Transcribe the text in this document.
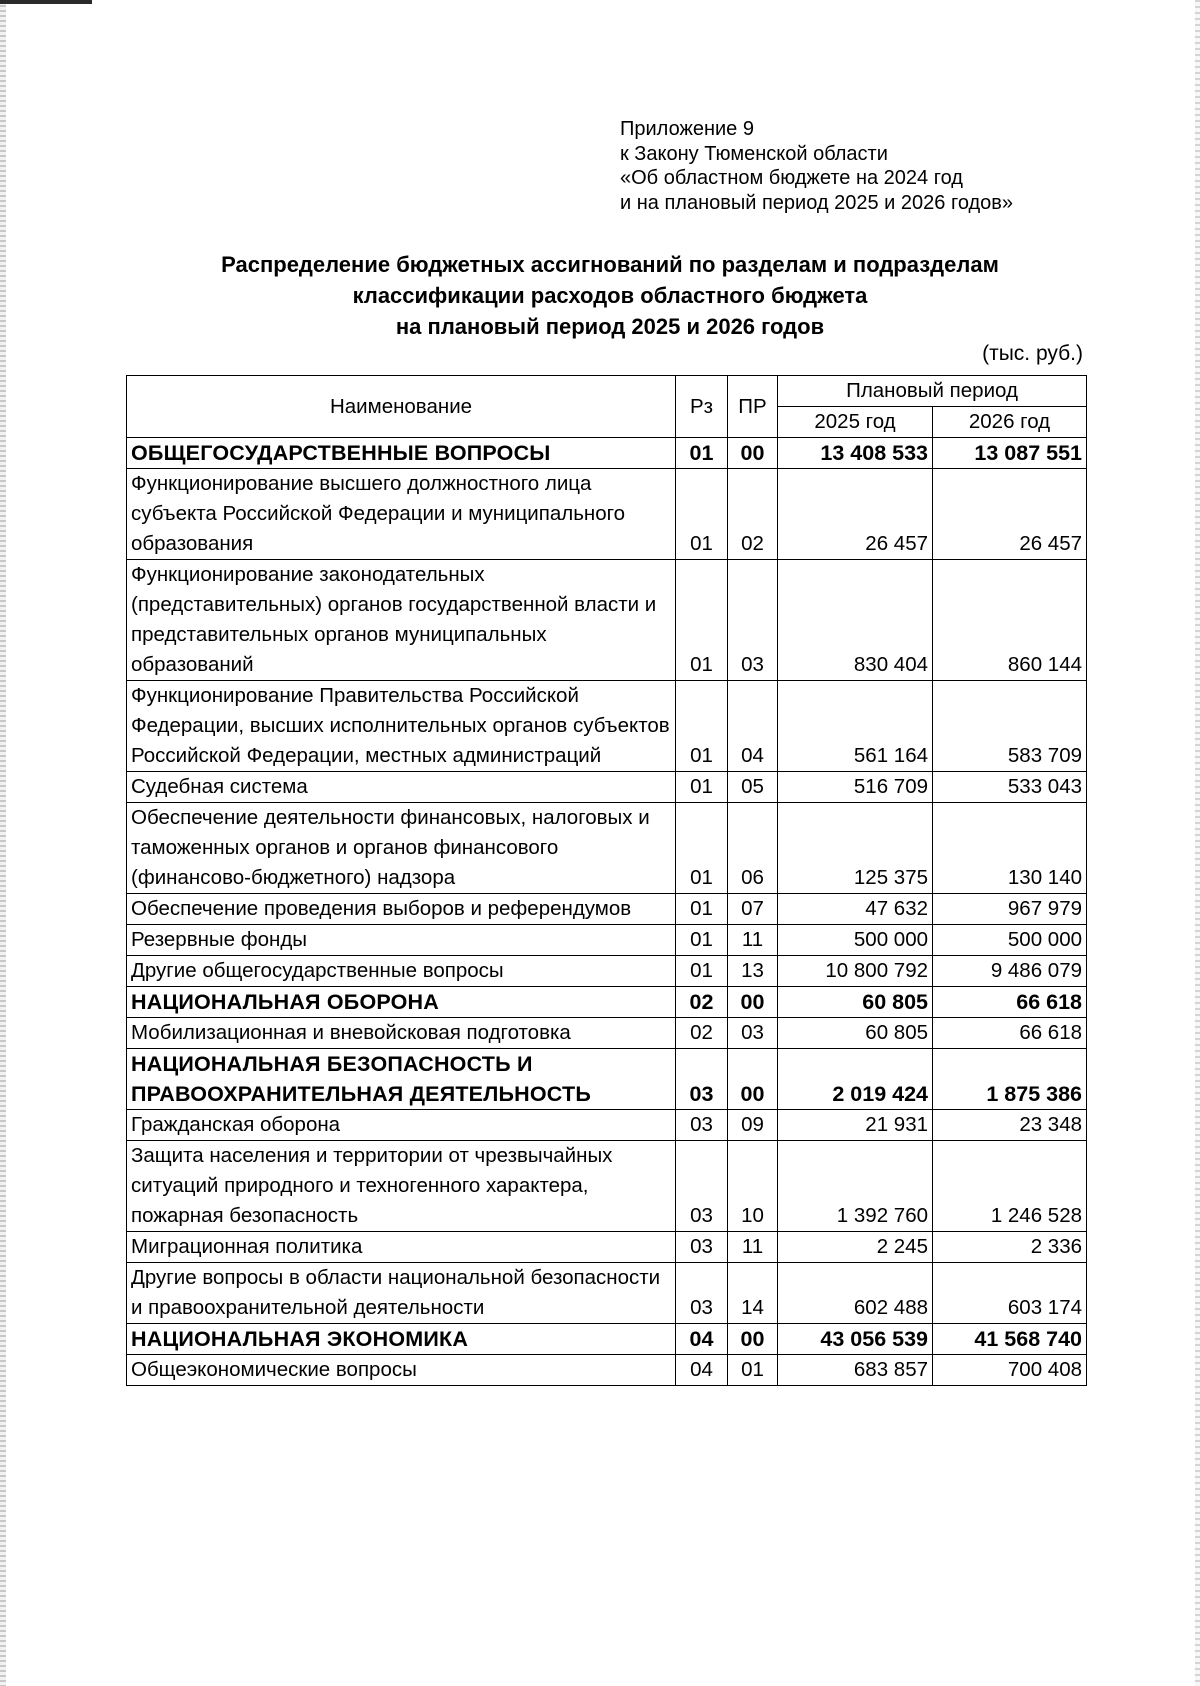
Приложение 9
к Закону Тюменской области
«Об областном бюджете на 2024 год
и на плановый период 2025 и 2026 годов»
Распределение бюджетных ассигнований по разделам и подразделам
классификации расходов областного бюджета
на плановый период 2025 и 2026 годов
(тыс. руб.)
Наименование	Рз	ПР	Плановый период	
			2025 год	2026 год
ОБЩЕГОСУДАРСТВЕННЫЕ ВОПРОСЫ	01	00	13 408 533	13 087 551
Функционирование высшего должностного лица субъекта Российской Федерации и муниципального образования	01	02	26 457	26 457
Функционирование законодательных (представительных) органов государственной власти и представительных органов муниципальных образований	01	03	830 404	860 144
Функционирование Правительства Российской Федерации, высших исполнительных органов субъектов Российской Федерации, местных администраций	01	04	561 164	583 709
Судебная система	01	05	516 709	533 043
Обеспечение деятельности финансовых, налоговых и таможенных органов и органов финансового (финансово-бюджетного) надзора	01	06	125 375	130 140
Обеспечение проведения выборов и референдумов	01	07	47 632	967 979
Резервные фонды	01	11	500 000	500 000
Другие общегосударственные вопросы	01	13	10 800 792	9 486 079
НАЦИОНАЛЬНАЯ ОБОРОНА	02	00	60 805	66 618
Мобилизационная и вневойсковая подготовка	02	03	60 805	66 618
НАЦИОНАЛЬНАЯ БЕЗОПАСНОСТЬ И ПРАВООХРАНИТЕЛЬНАЯ ДЕЯТЕЛЬНОСТЬ	03	00	2 019 424	1 875 386
Гражданская оборона	03	09	21 931	23 348
Защита населения и территории от чрезвычайных ситуаций природного и техногенного характера, пожарная безопасность	03	10	1 392 760	1 246 528
Миграционная политика	03	11	2 245	2 336
Другие вопросы в области национальной безопасности и правоохранительной деятельности	03	14	602 488	603 174
НАЦИОНАЛЬНАЯ ЭКОНОМИКА	04	00	43 056 539	41 568 740
Общеэкономические вопросы	04	01	683 857	700 408
